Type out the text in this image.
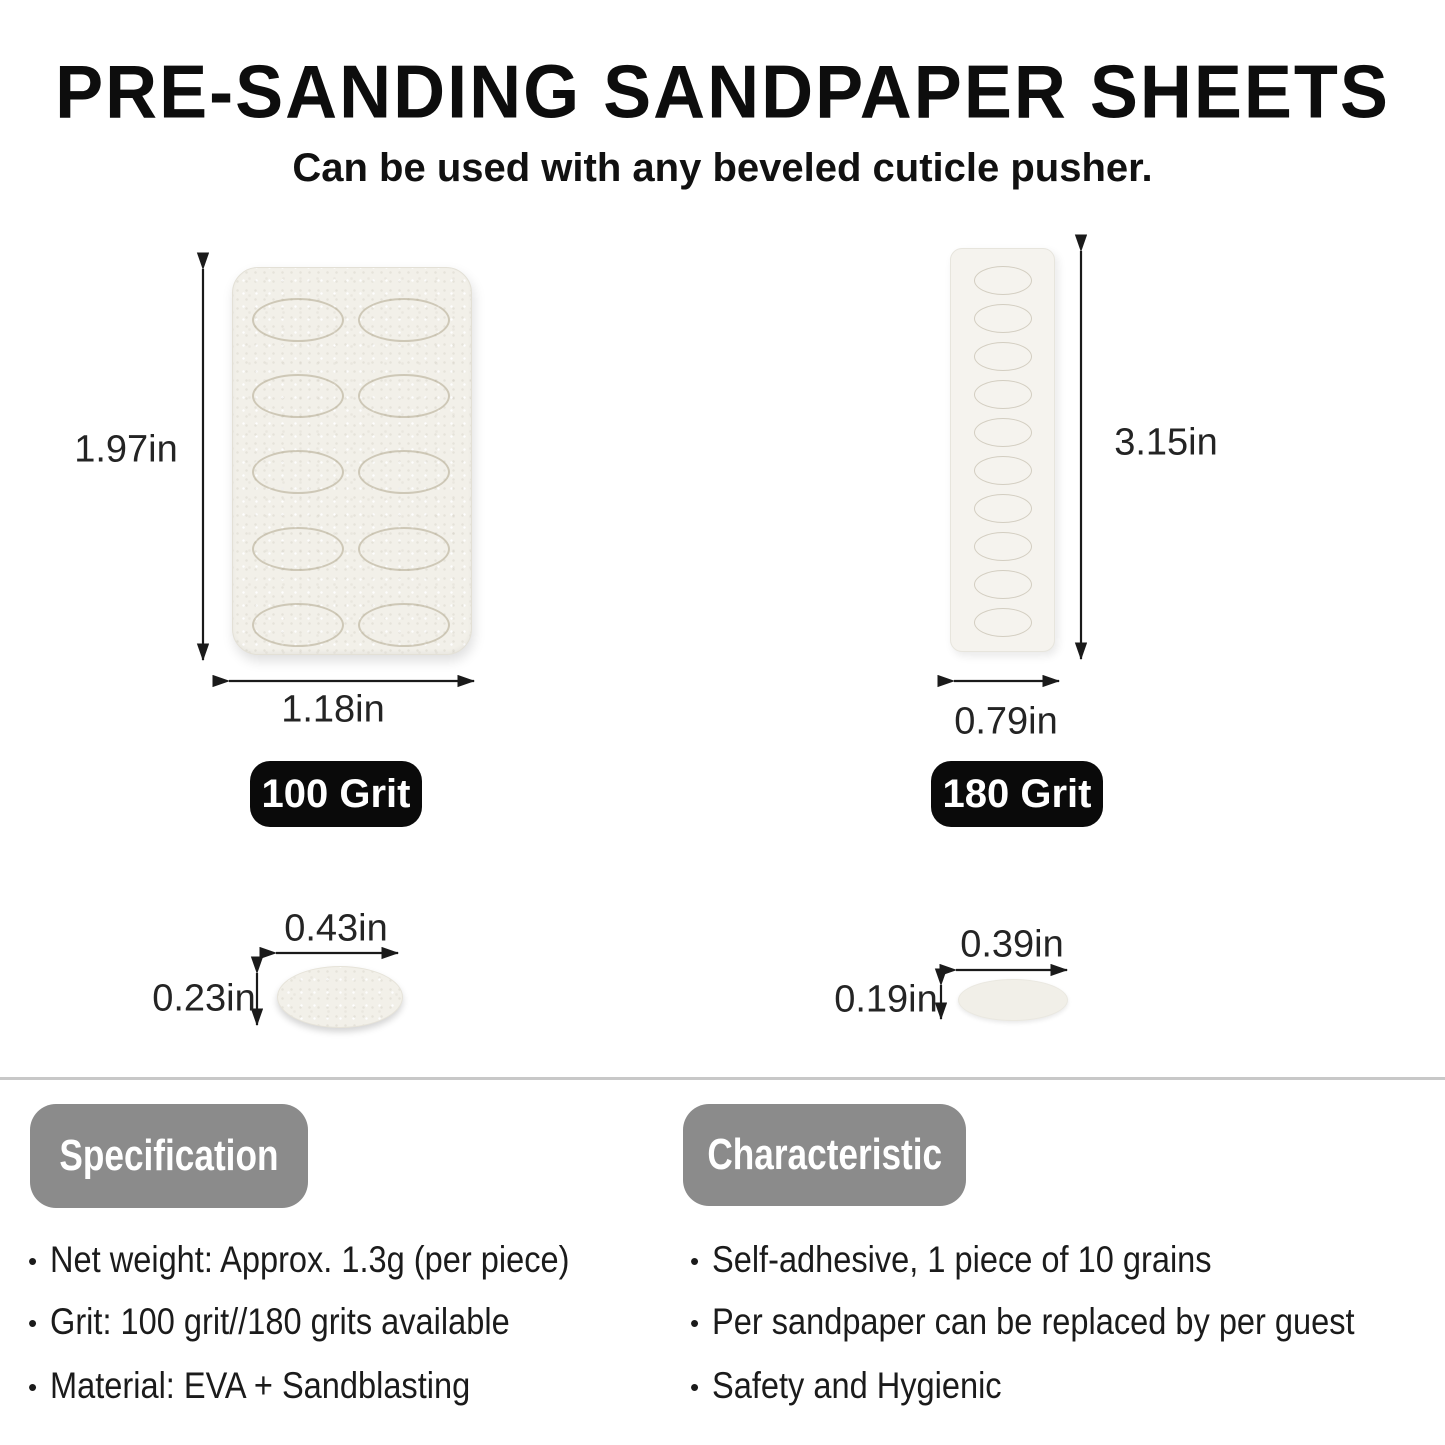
PRE-SANDING SANDPAPER SHEETS
Can be used with any beveled cuticle pusher.
1.97in
1.18in
3.15in
0.79in
0.43in
0.23in
0.39in
0.19in
100 Grit	180 Grit
Specification
• Net weight: Approx. 1.3g (per piece)
• Grit: 100 grit//180 grits available
• Material: EVA + Sandblasting
Characteristic
• Self-adhesive, 1 piece of 10 grains
• Per sandpaper can be replaced by per guest
• Safety and Hygienic
